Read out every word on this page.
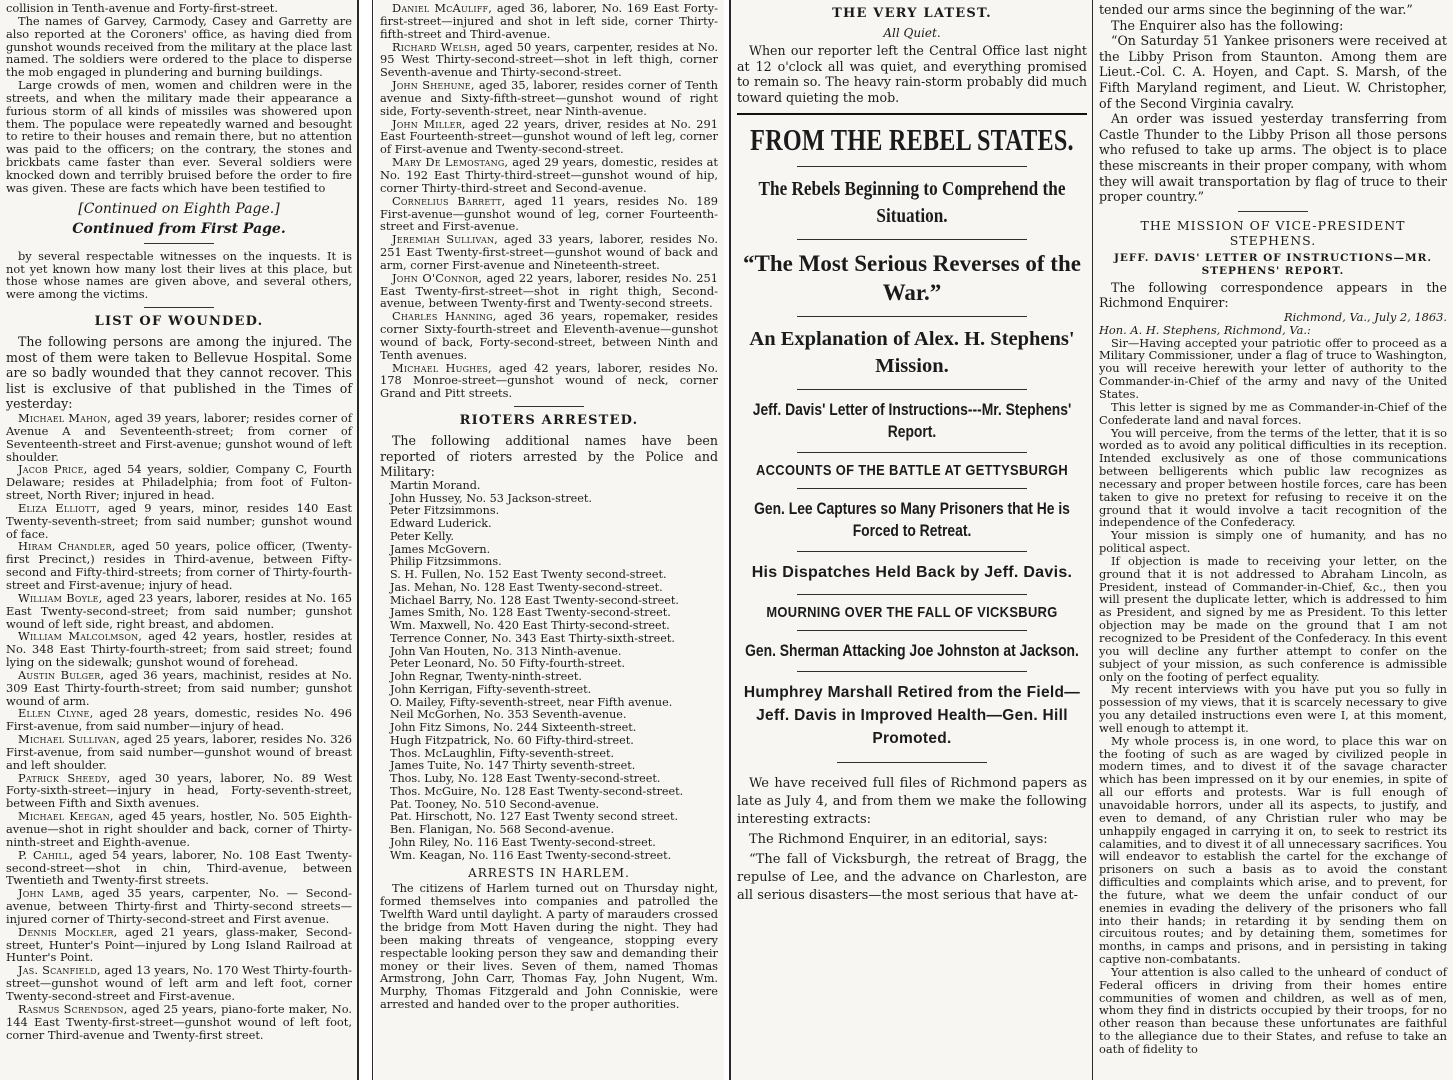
collision in Tenth-avenue and Forty-first-street.

The names of Garvey, Carmody, Casey and Garretty are also reported at the Coroners' office, as having died from gunshot wounds received from the military at the place last named. The soldiers were ordered to the place to disperse the mob engaged in plundering and burning buildings.

Large crowds of men, women and children were in the streets, and when the military made their appearance a furious storm of all kinds of missiles was showered upon them. The populace were repeatedly warned and besought to retire to their houses and remain there, but no attention was paid to the officers; on the contrary, the stones and brickbats came faster than ever. Several soldiers were knocked down and terribly bruised before the order to fire was given. These are facts which have been testified to

[Continued on Eighth Page.]
Continued from First Page.

by several respectable witnesses on the inquests. It is not yet known how many lost their lives at this place, but those whose names are given above, and several others, were among the victims.

LIST OF WOUNDED.

The following persons are among the injured. The most of them were taken to Bellevue Hospital. Some are so badly wounded that they cannot recover. This list is exclusive of that published in the Times of yesterday:

Michael Mahon, aged 39 years, laborer; resides corner of Avenue A and Seventeenth-street; from corner of Seventeenth-street and First-avenue; gunshot wound of left shoulder.

Jacob Price, aged 54 years, soldier, Company C, Fourth Delaware; resides at Philadelphia; from foot of Fulton-street, North River; injured in head.

Eliza Elliott, aged 9 years, minor, resides 140 East Twenty-seventh-street; from said number; gunshot wound of face.

Hiram Chandler, aged 50 years, police officer, (Twenty-first Precinct,) resides in Third-avenue, between Fifty-second and Fifty-third-streets; from corner of Thirty-fourth-street and First-avenue; injury of head.

William Boyle, aged 23 years, laborer, resides at No. 165 East Twenty-second-street; from said number; gunshot wound of left side, right breast, and abdomen.

William Malcolmson, aged 42 years, hostler, resides at No. 348 East Thirty-fourth-street; from said street; found lying on the sidewalk; gunshot wound of forehead.

Austin Bulger, aged 36 years, machinist, resides at No. 309 East Thirty-fourth-street; from said number; gunshot wound of arm.

Ellen Clyne, aged 28 years, domestic, resides No. 496 First-avenue, from said number—injury of head.

Michael Sullivan, aged 25 years, laborer, resides No. 326 First-avenue, from said number—gunshot wound of breast and left shoulder.

Patrick Sheedy, aged 30 years, laborer, No. 89 West Forty-sixth-street—injury in head, Forty-seventh-street, between Fifth and Sixth avenues.

Michael Keegan, aged 45 years, hostler, No. 505 Eighth-avenue—shot in right shoulder and back, corner of Thirty-ninth-street and Eighth-avenue.

P. Cahill, aged 54 years, laborer, No. 108 East Twenty-second-street—shot in chin, Third-avenue, between Twentieth and Twenty-first streets.

John Lamb, aged 35 years, carpenter, No. — Second-avenue, between Thirty-first and Thirty-second streets—injured corner of Thirty-second-street and First avenue.

Dennis Mockler, aged 21 years, glass-maker, Second-street, Hunter's Point—injured by Long Island Railroad at Hunter's Point.

Jas. Scanfield, aged 13 years, No. 170 West Thirty-fourth-street—gunshot wound of left arm and left foot, corner Twenty-second-street and First-avenue.

Rasmus Screndson, aged 25 years, piano-forte maker, No. 144 East Twenty-first-street—gunshot wound of left foot, corner Third-avenue and Twenty-first street.

Daniel McAuliff, aged 36, laborer, No. 169 East Forty-first-street—injured and shot in left side, corner Thirty-fifth-street and Third-avenue.

Richard Welsh, aged 50 years, carpenter, resides at No. 95 West Thirty-second-street—shot in left thigh, corner Seventh-avenue and Thirty-second-street.

John Shehune, aged 35, laborer, resides corner of Tenth avenue and Sixty-fifth-street—gunshot wound of right side, Forty-seventh-street, near Ninth-avenue.

John Miller, aged 22 years, driver, resides at No. 291 East Fourteenth-street—gunshot wound of left leg, corner of First-avenue and Twenty-second-street.

Mary De Lemostang, aged 29 years, domestic, resides at No. 192 East Thirty-third-street—gunshot wound of hip, corner Thirty-third-street and Second-avenue.

Cornelius Barrett, aged 11 years, resides No. 189 First-avenue—gunshot wound of leg, corner Fourteenth-street and First-avenue.

Jeremiah Sullivan, aged 33 years, laborer, resides No. 251 East Twenty-first-street—gunshot wound of back and arm, corner First-avenue and Nineteenth-street.

John O'Connor, aged 22 years, laborer, resides No. 251 East Twenty-first-street—shot in right thigh, Second-avenue, between Twenty-first and Twenty-second streets.

Charles Hanning, aged 36 years, ropemaker, resides corner Sixty-fourth-street and Eleventh-avenue—gunshot wound of back, Forty-second-street, between Ninth and Tenth avenues.

Michael Hughes, aged 42 years, laborer, resides No. 178 Monroe-street—gunshot wound of neck, corner Grand and Pitt streets.

RIOTERS ARRESTED.

The following additional names have been reported of rioters arrested by the Police and Military:

Martin Morand.
John Hussey, No. 53 Jackson-street.
Peter Fitzsimmons.
Edward Luderick.
Peter Kelly.
James McGovern.
Philip Fitzsimmons.
S. H. Fullen, No. 152 East Twenty second-street.
Jas. Mehan, No. 128 East Twenty-second-street.
Michael Barry, No. 128 East Twenty-second-street.
James Smith, No. 128 East Twenty-second-street.
Wm. Maxwell, No. 420 East Thirty-second-street.
Terrence Conner, No. 343 East Thirty-sixth-street.
John Van Houten, No. 313 Ninth-avenue.
Peter Leonard, No. 50 Fifty-fourth-street.
John Regnar, Twenty-ninth-street.
John Kerrigan, Fifty-seventh-street.
O. Mailey, Fifty-seventh-street, near Fifth avenue.
Neil McGorhen, No. 353 Seventh-avenue.
John Fitz Simons, No. 244 Sixteenth-street.
Hugh Fitzpatrick, No. 60 Fifty-third-street.
Thos. McLaughlin, Fifty-seventh-street.
James Tuite, No. 147 Thirty seventh-street.
Thos. Luby, No. 128 East Twenty-second-street.
Thos. McGuire, No. 128 East Twenty-second-street.
Pat. Tooney, No. 510 Second-avenue.
Pat. Hirschott, No. 127 East Twenty second street.
Ben. Flanigan, No. 568 Second-avenue.
John Riley, No. 116 East Twenty-second-street.
Wm. Keagan, No. 116 East Twenty-second-street.
ARRESTS IN HARLEM.

The citizens of Harlem turned out on Thursday night, formed themselves into companies and patrolled the Twelfth Ward until daylight. A party of marauders crossed the bridge from Mott Haven during the night. They had been making threats of vengeance, stopping every respectable looking person they saw and demanding their money or their lives. Seven of them, named Thomas Armstrong, John Carr, Thomas Fay, John Nugent, Wm. Murphy, Thomas Fitzgerald and John Conniskie, were arrested and handed over to the proper authorities.

THE VERY LATEST.
All Quiet.

When our reporter left the Central Office last night at 12 o'clock all was quiet, and everything promised to remain so. The heavy rain-storm probably did much toward quieting the mob.

FROM THE REBEL STATES.
The Rebels Beginning to Comprehend the Situation.
“The Most Serious Reverses of the War.”
An Explanation of Alex. H. Stephens' Mission.
Jeff. Davis' Letter of Instructions---Mr. Stephens' Report.
ACCOUNTS OF THE BATTLE AT GETTYSBURGH
Gen. Lee Captures so Many Prisoners that He is Forced to Retreat.
His Dispatches Held Back by Jeff. Davis.
MOURNING OVER THE FALL OF VICKSBURG
Gen. Sherman Attacking Joe Johnston at Jackson.
Humphrey Marshall Retired from the Field—Jeff. Davis in Improved Health—Gen. Hill Promoted.

We have received full files of Richmond papers as late as July 4, and from them we make the following interesting extracts:

The Richmond Enquirer, in an editorial, says:

“The fall of Vicksburgh, the retreat of Bragg, the repulse of Lee, and the advance on Charleston, are all serious disasters—the most serious that have at-

tended our arms since the beginning of the war.”

The Enquirer also has the following:

“On Saturday 51 Yankee prisoners were received at the Libby Prison from Staunton. Among them are Lieut.-Col. C. A. Hoyen, and Capt. S. Marsh, of the Fifth Maryland regiment, and Lieut. W. Christopher, of the Second Virginia cavalry.

An order was issued yesterday transferring from Castle Thunder to the Libby Prison all those persons who refused to take up arms. The object is to place these miscreants in their proper company, with whom they will await transportation by flag of truce to their proper country.”

THE MISSION OF VICE-PRESIDENT STEPHENS.
JEFF. DAVIS' LETTER OF INSTRUCTIONS—MR. STEPHENS' REPORT.

The following correspondence appears in the Richmond Enquirer:

Richmond, Va., July 2, 1863.

Hon. A. H. Stephens, Richmond, Va.:

Sir—Having accepted your patriotic offer to proceed as a Military Commissioner, under a flag of truce to Washington, you will receive herewith your letter of authority to the Commander-in-Chief of the army and navy of the United States.

This letter is signed by me as Commander-in-Chief of the Confederate land and naval forces.

You will perceive, from the terms of the letter, that it is so worded as to avoid any political difficulties in its reception. Intended exclusively as one of those communications between belligerents which public law recognizes as necessary and proper between hostile forces, care has been taken to give no pretext for refusing to receive it on the ground that it would involve a tacit recognition of the independence of the Confederacy.

Your mission is simply one of humanity, and has no political aspect.

If objection is made to receiving your letter, on the ground that it is not addressed to Abraham Lincoln, as President, instead of Commander-in-Chief, &c., then you will present the duplicate letter, which is addressed to him as President, and signed by me as President. To this letter objection may be made on the ground that I am not recognized to be President of the Confederacy. In this event you will decline any further attempt to confer on the subject of your mission, as such conference is admissible only on the footing of perfect equality.

My recent interviews with you have put you so fully in possession of my views, that it is scarcely necessary to give you any detailed instructions even were I, at this moment, well enough to attempt it.

My whole process is, in one word, to place this war on the footing of such as are waged by civilized people in modern times, and to divest it of the savage character which has been impressed on it by our enemies, in spite of all our efforts and protests. War is full enough of unavoidable horrors, under all its aspects, to justify, and even to demand, of any Christian ruler who may be unhappily engaged in carrying it on, to seek to restrict its calamities, and to divest it of all unnecessary sacrifices. You will endeavor to establish the cartel for the exchange of prisoners on such a basis as to avoid the constant difficulties and complaints which arise, and to prevent, for the future, what we deem the unfair conduct of our enemies in evading the delivery of the prisoners who fall into their hands; in retarding it by sending them on circuitous routes; and by detaining them, sometimes for months, in camps and prisons, and in persisting in taking captive non-combatants.

Your attention is also called to the unheard of conduct of Federal officers in driving from their homes entire communities of women and children, as well as of men, whom they find in districts occupied by their troops, for no other reason than because these unfortunates are faithful to the allegiance due to their States, and refuse to take an oath of fidelity to
